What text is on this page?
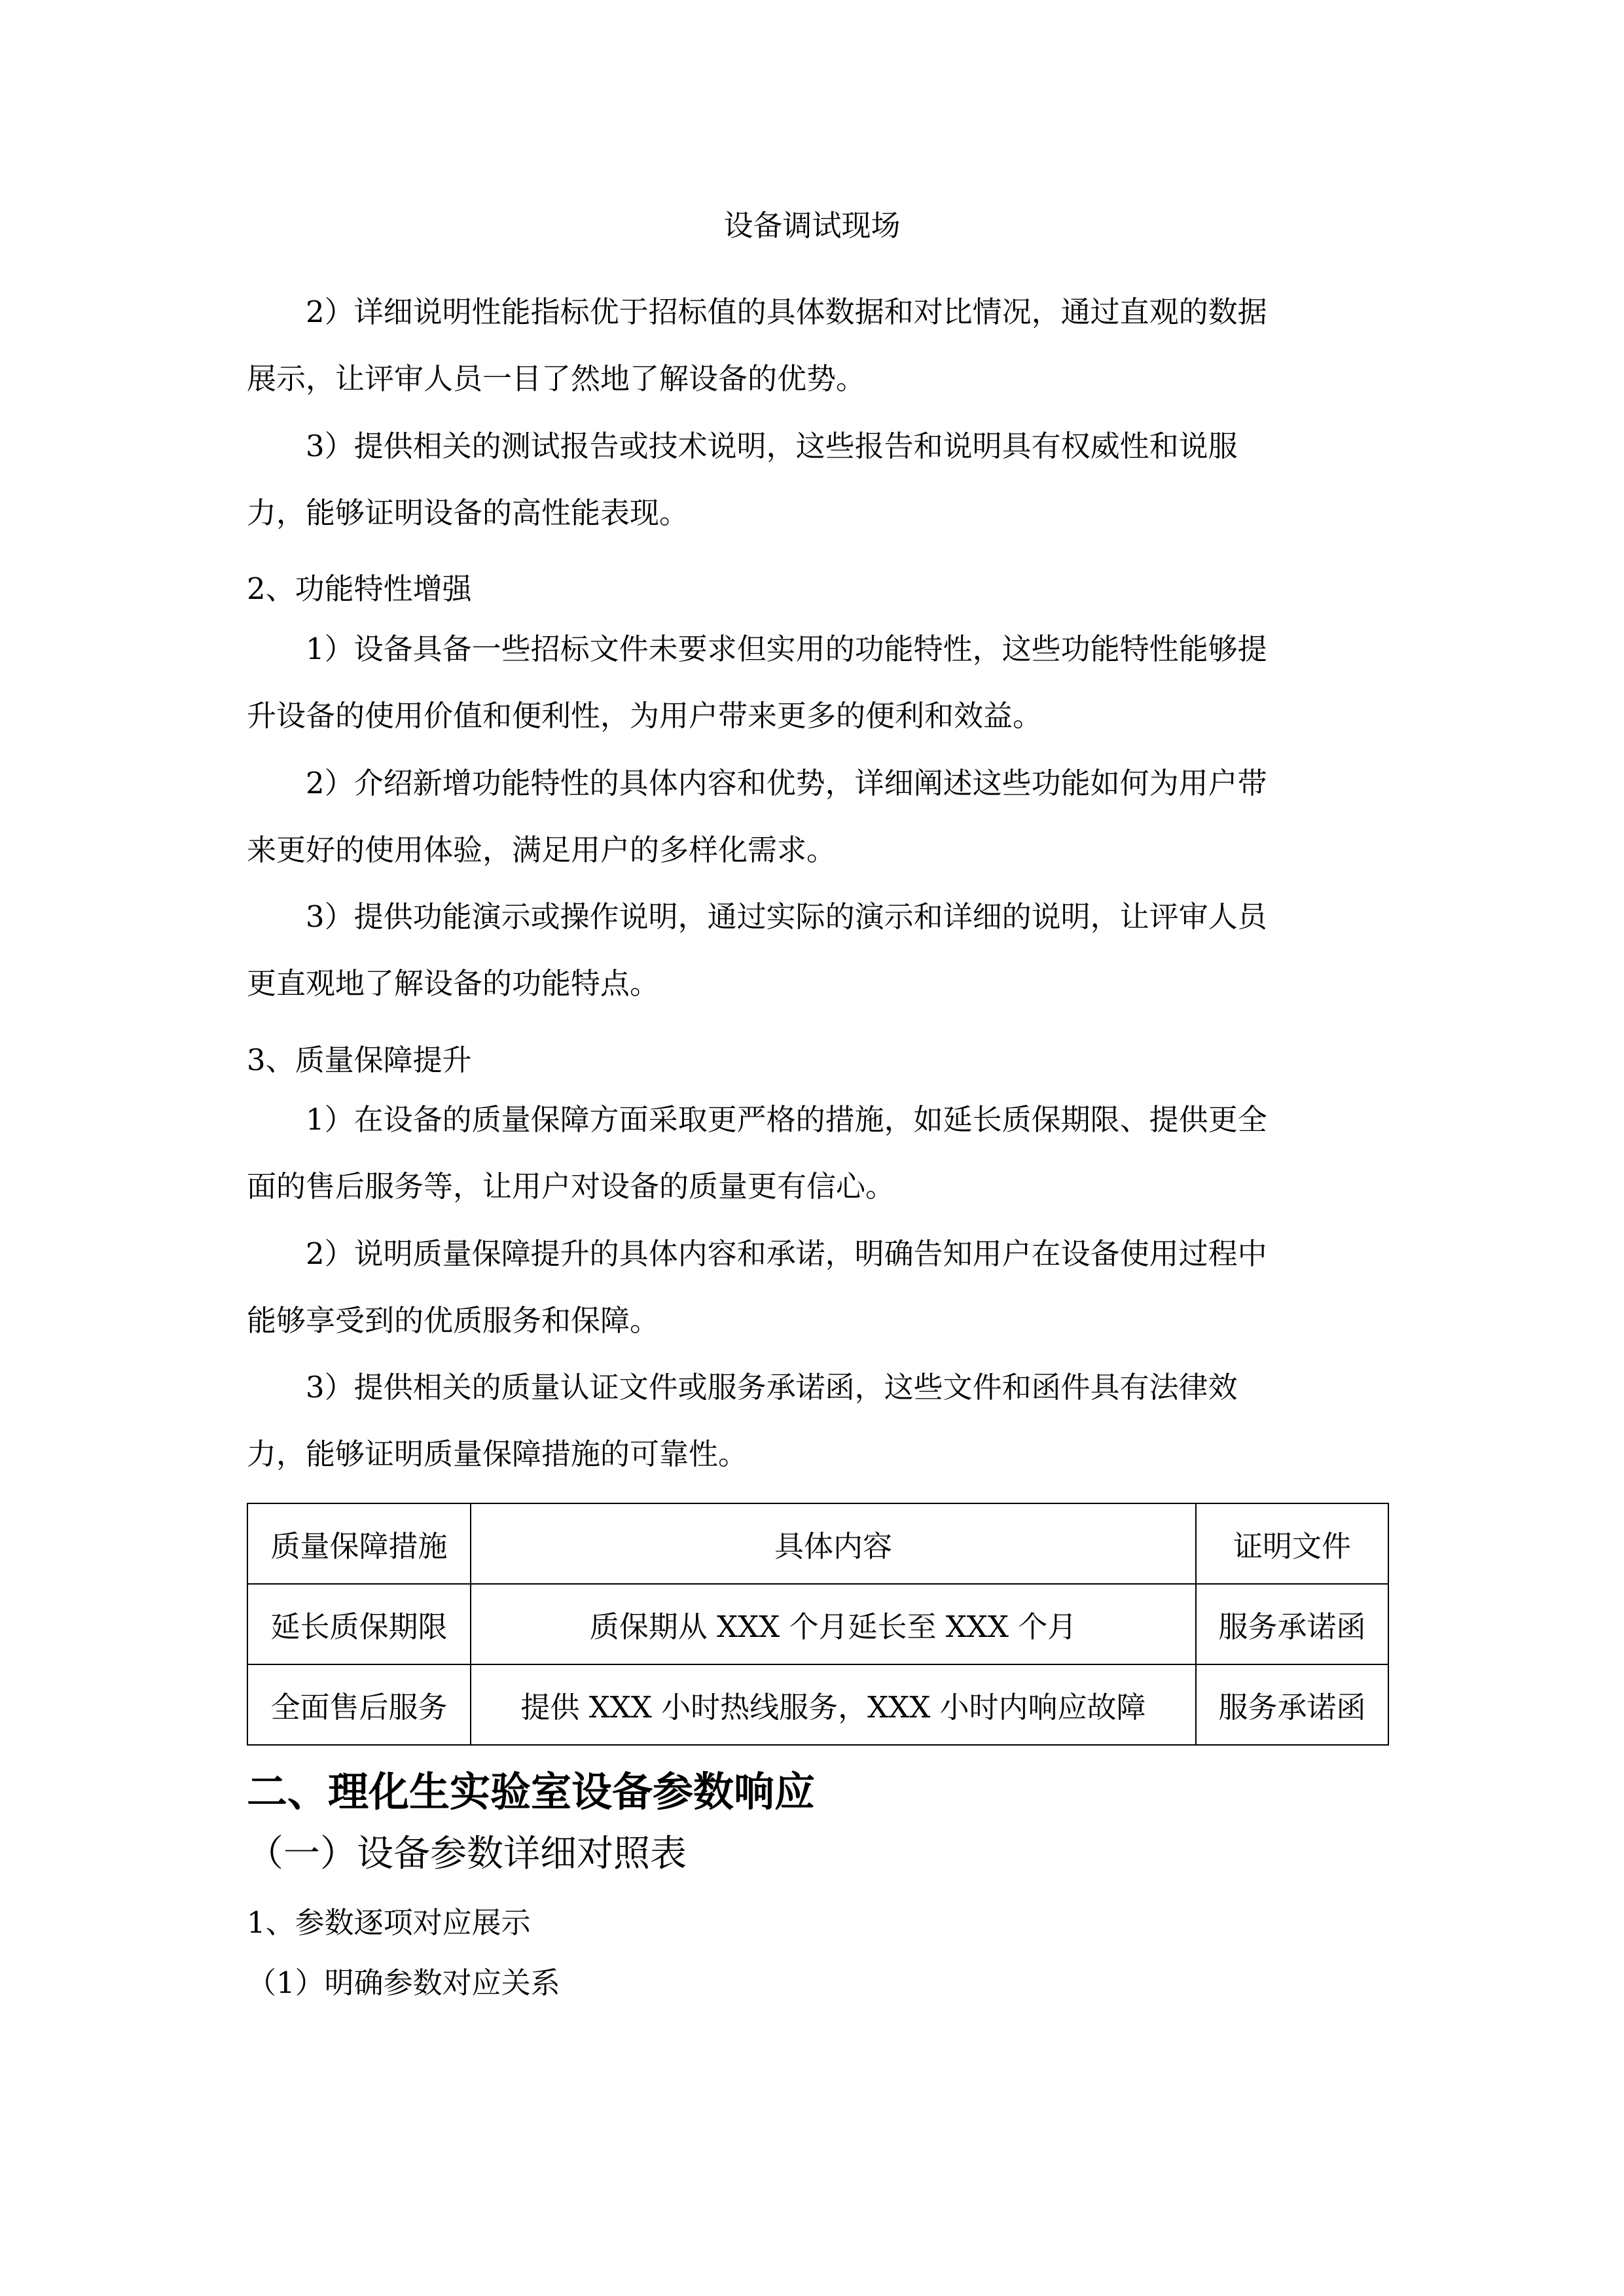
设备调试现场
2）详细说明性能指标优于招标值的具体数据和对比情况，通过直观的数据
展示，让评审人员一目了然地了解设备的优势。
3）提供相关的测试报告或技术说明，这些报告和说明具有权威性和说服
力，能够证明设备的高性能表现。
2、功能特性增强
1）设备具备一些招标文件未要求但实用的功能特性，这些功能特性能够提
升设备的使用价值和便利性，为用户带来更多的便利和效益。
2）介绍新增功能特性的具体内容和优势，详细阐述这些功能如何为用户带
来更好的使用体验，满足用户的多样化需求。
3）提供功能演示或操作说明，通过实际的演示和详细的说明，让评审人员
更直观地了解设备的功能特点。
3、质量保障提升
1）在设备的质量保障方面采取更严格的措施，如延长质保期限、提供更全
面的售后服务等，让用户对设备的质量更有信心。
2）说明质量保障提升的具体内容和承诺，明确告知用户在设备使用过程中
能够享受到的优质服务和保障。
3）提供相关的质量认证文件或服务承诺函，这些文件和函件具有法律效
力，能够证明质量保障措施的可靠性。
质量保障措施	具体内容	证明文件
延长质保期限	质保期从 XXX 个月延长至 XXX 个月	服务承诺函
全面售后服务	提供 XXX 小时热线服务，XXX 小时内响应故障	服务承诺函
二、理化生实验室设备参数响应
（一）设备参数详细对照表
1、参数逐项对应展示
（1）明确参数对应关系
